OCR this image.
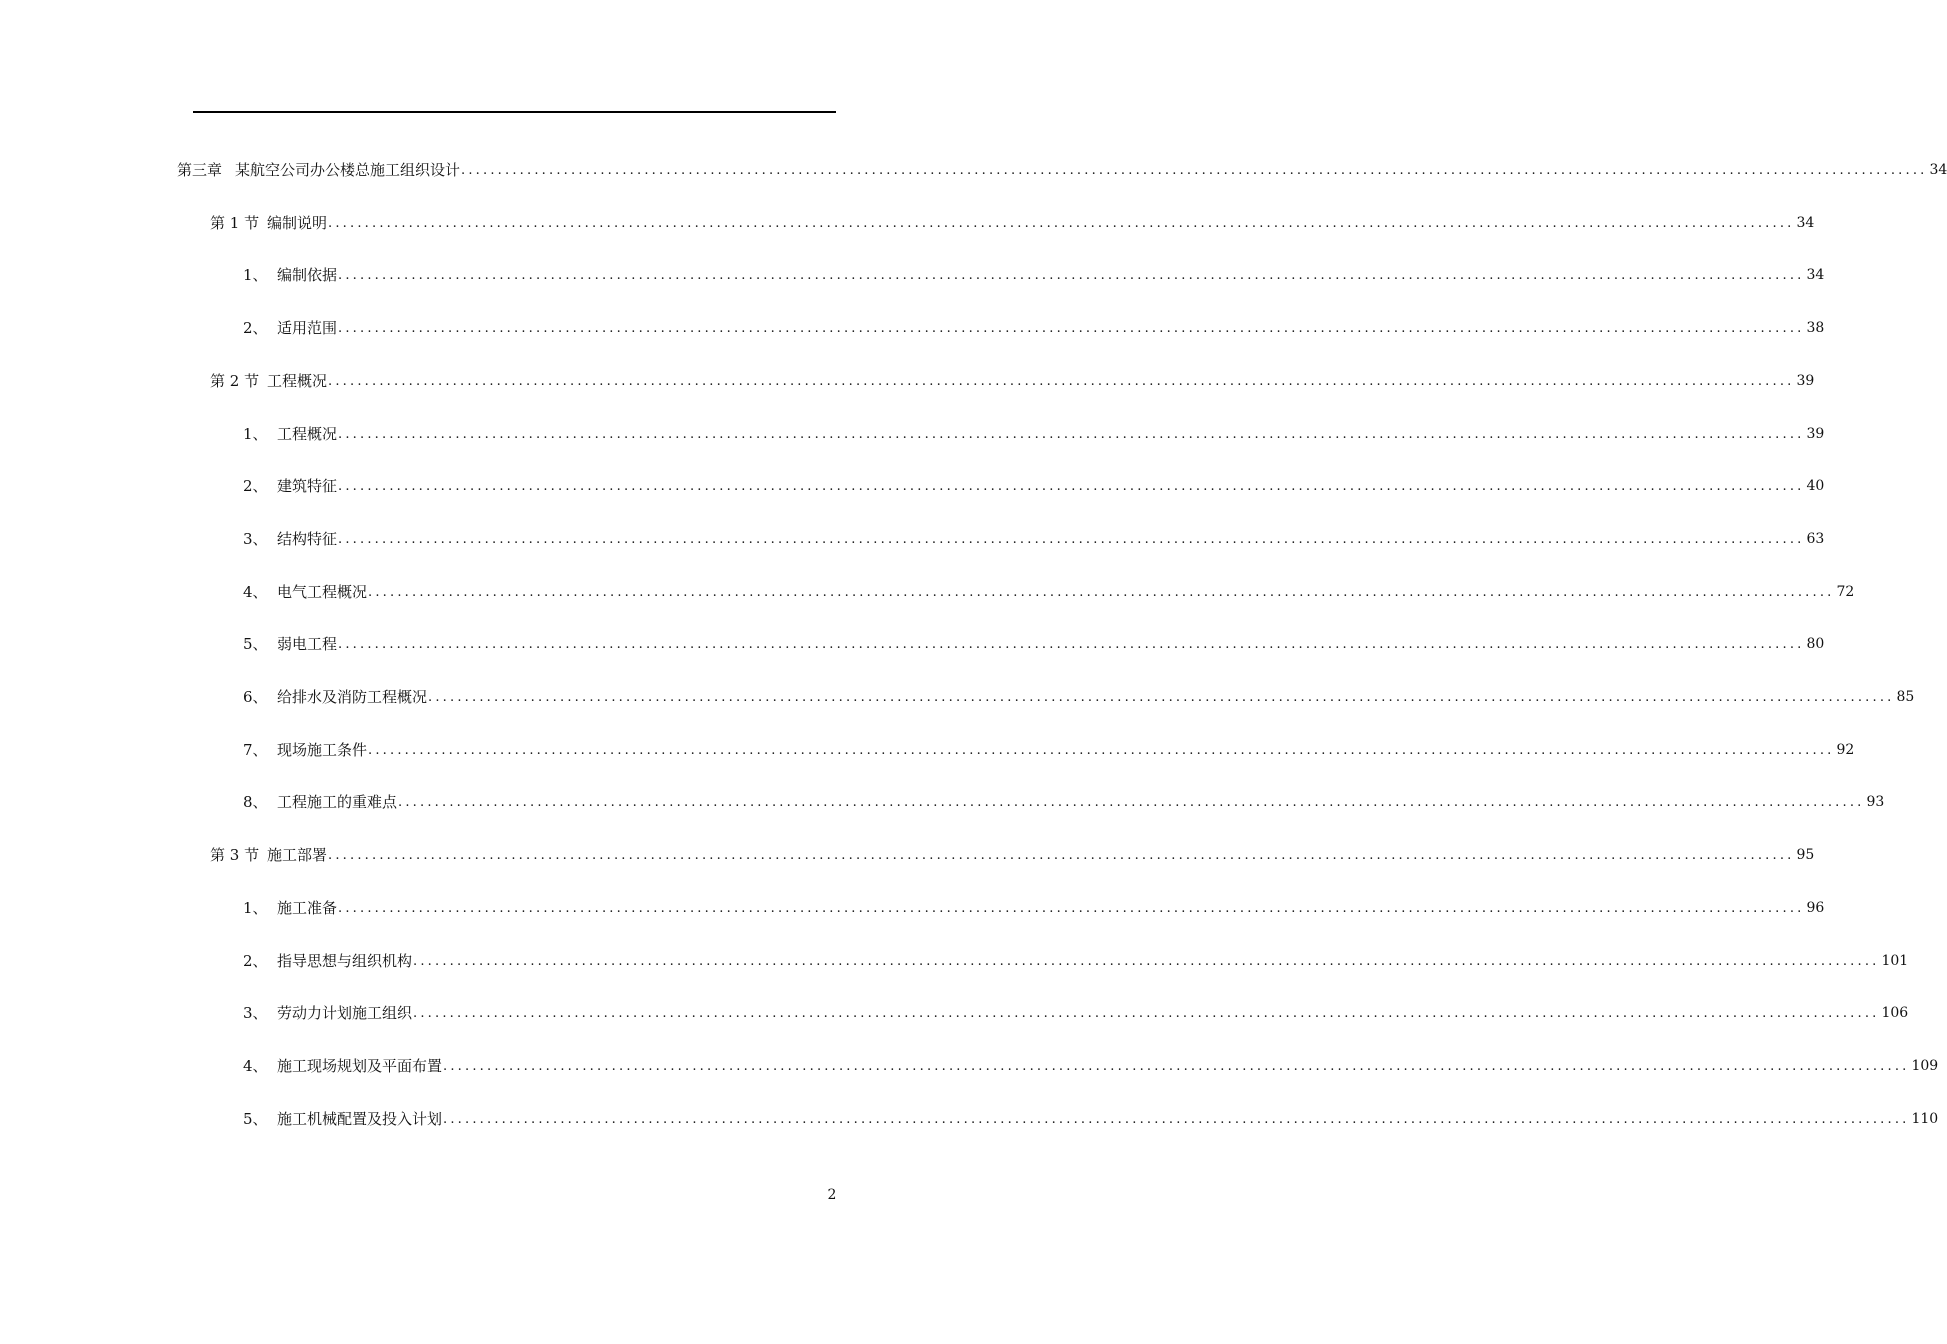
第三章 某航空公司办公楼总施工组织设计 ........................................................................................................................................................................................................ 34
第 1 节 编制说明 ........................................................................................................................................................................................................ 34
1、 编制依据 ........................................................................................................................................................................................................ 34
2、 适用范围 ........................................................................................................................................................................................................ 38
第 2 节 工程概况 ........................................................................................................................................................................................................ 39
1、 工程概况 ........................................................................................................................................................................................................ 39
2、 建筑特征 ........................................................................................................................................................................................................ 40
3、 结构特征 ........................................................................................................................................................................................................ 63
4、 电气工程概况 ........................................................................................................................................................................................................ 72
5、 弱电工程 ........................................................................................................................................................................................................ 80
6、 给排水及消防工程概况 ........................................................................................................................................................................................................ 85
7、 现场施工条件 ........................................................................................................................................................................................................ 92
8、 工程施工的重难点 ........................................................................................................................................................................................................ 93
第 3 节 施工部署 ........................................................................................................................................................................................................ 95
1、 施工准备 ........................................................................................................................................................................................................ 96
2、 指导思想与组织机构 ........................................................................................................................................................................................................ 101
3、 劳动力计划施工组织 ........................................................................................................................................................................................................ 106
4、 施工现场规划及平面布置 ........................................................................................................................................................................................................ 109
5、 施工机械配置及投入计划 ........................................................................................................................................................................................................ 110
2
